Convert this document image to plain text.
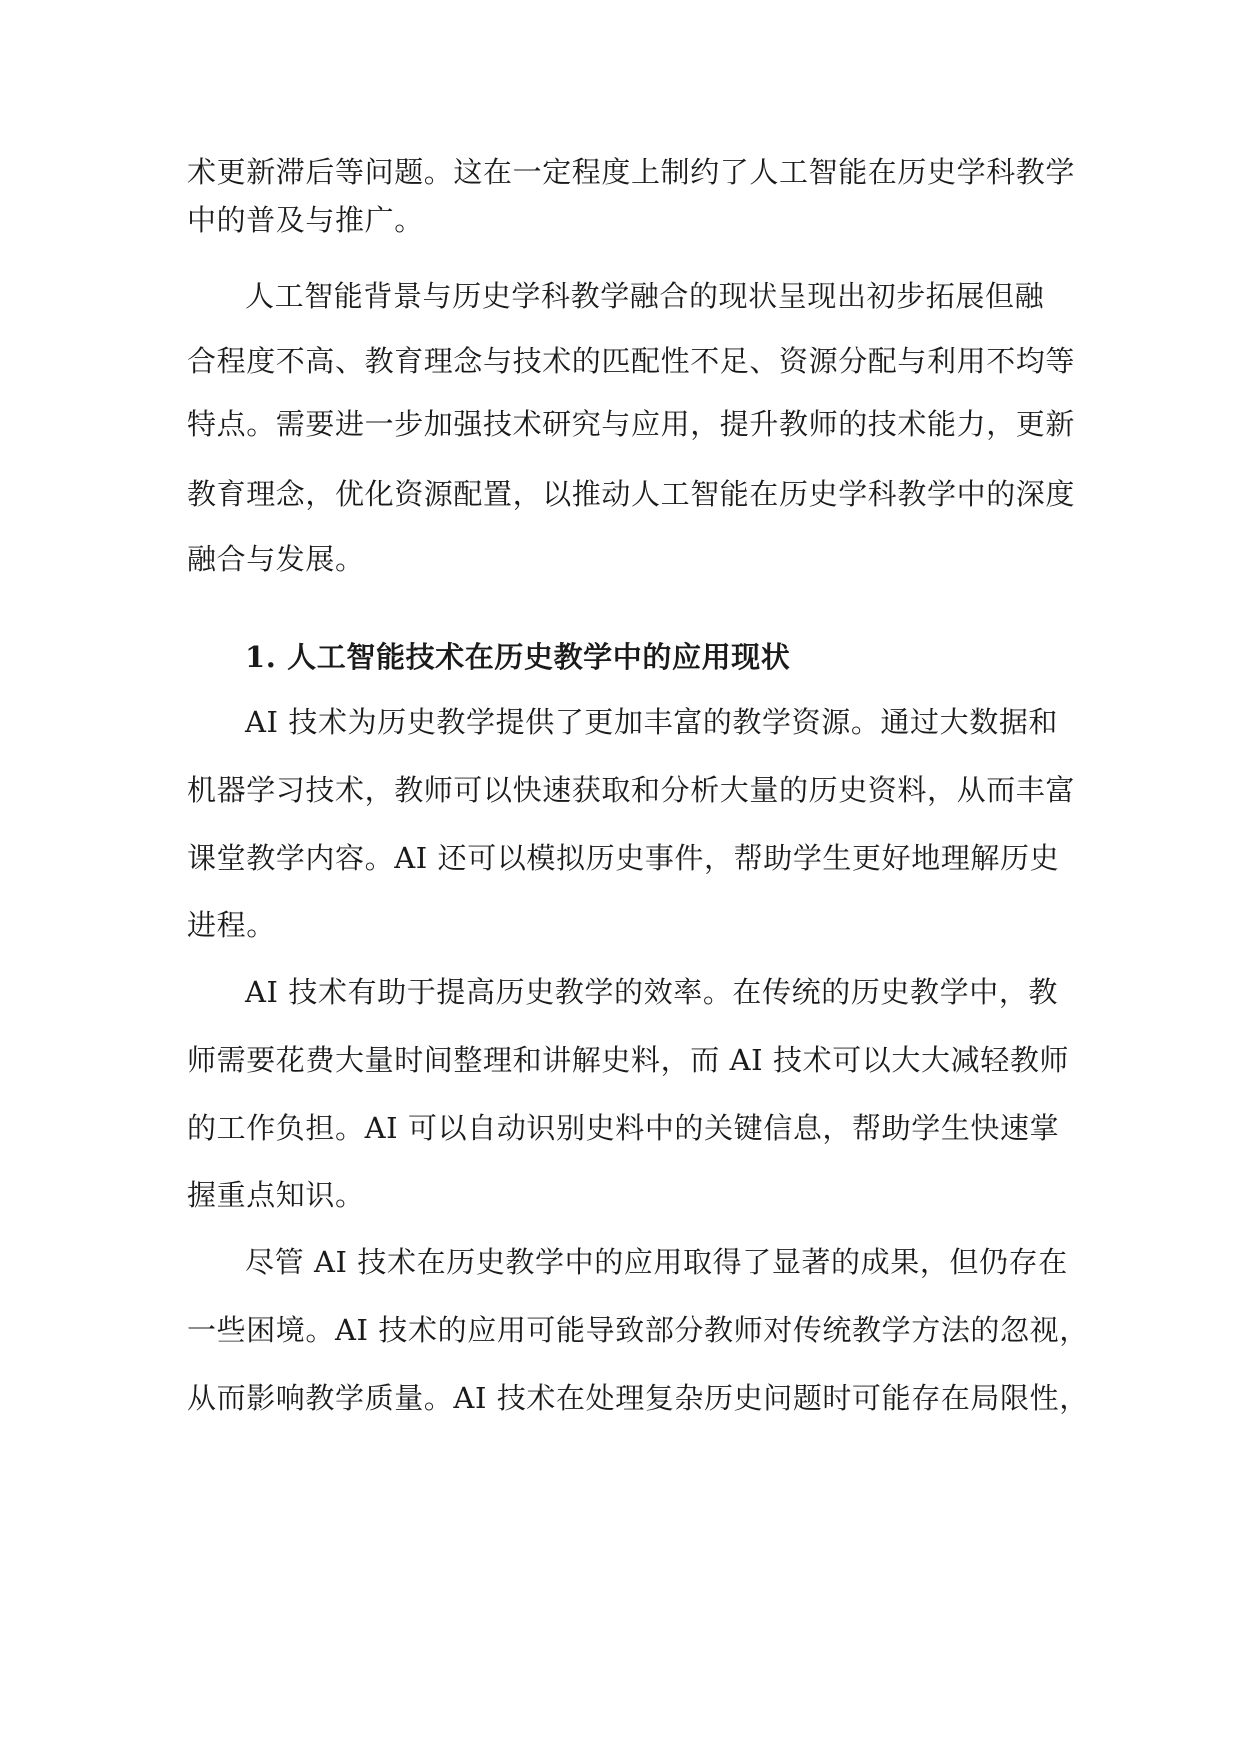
术更新滞后等问题。这在一定程度上制约了人工智能在历史学科教学
中的普及与推广。
人工智能背景与历史学科教学融合的现状呈现出初步拓展但融
合程度不高、教育理念与技术的匹配性不足、资源分配与利用不均等
特点。需要进一步加强技术研究与应用，提升教师的技术能力，更新
教育理念，优化资源配置，以推动人工智能在历史学科教学中的深度
融合与发展。
1. 人工智能技术在历史教学中的应用现状
AI 技术为历史教学提供了更加丰富的教学资源。通过大数据和
机器学习技术，教师可以快速获取和分析大量的历史资料，从而丰富
课堂教学内容。AI 还可以模拟历史事件，帮助学生更好地理解历史
进程。
AI 技术有助于提高历史教学的效率。在传统的历史教学中，教
师需要花费大量时间整理和讲解史料，而 AI 技术可以大大减轻教师
的工作负担。AI 可以自动识别史料中的关键信息，帮助学生快速掌
握重点知识。
尽管 AI 技术在历史教学中的应用取得了显著的成果，但仍存在
一些困境。AI 技术的应用可能导致部分教师对传统教学方法的忽视，
从而影响教学质量。AI 技术在处理复杂历史问题时可能存在局限性，
